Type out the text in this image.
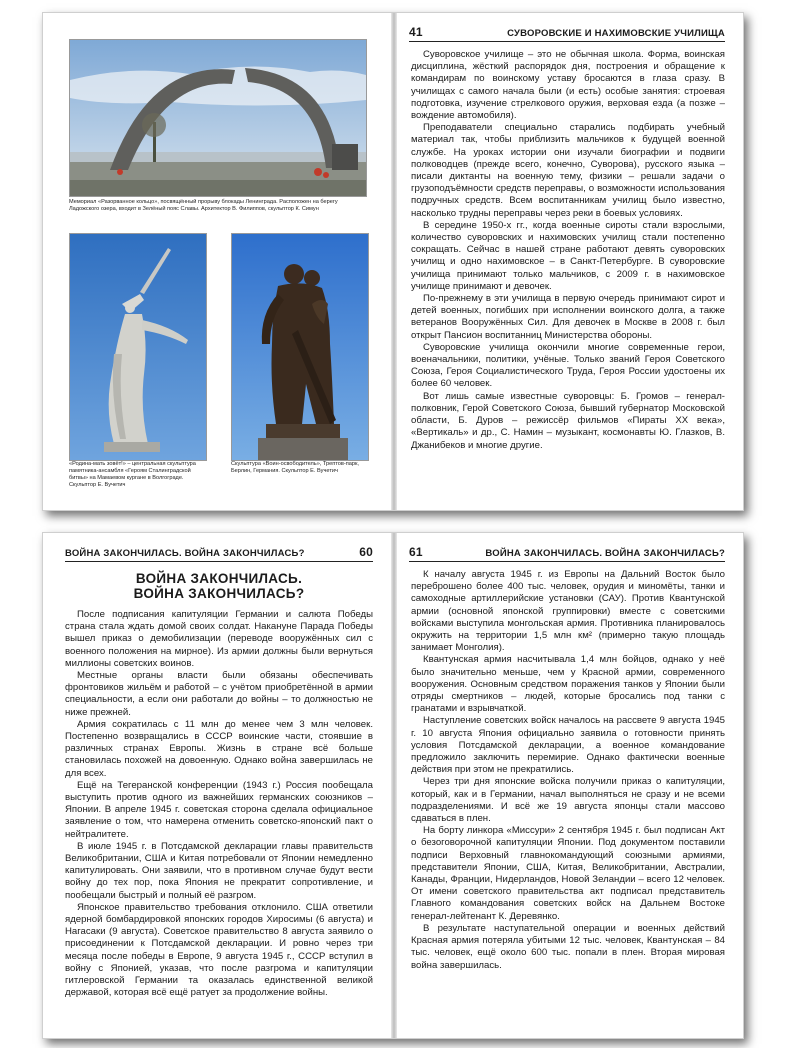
Мемориал «Разорванное кольцо», посвящённый прорыву блокады Ленинграда. Расположен на берегу Ладожского озера, входит в Зелёный пояс Славы. Архитектор В. Филиппов, скульптор К. Симун
«Родина-мать зовёт!» – центральная скульптура памятника-ансамбля «Героям Сталинградской битвы» на Мамаевом кургане в Волгограде. Скульптор Е. Вучетич
Скульптура «Воин-освободитель», Трептов-парк, Берлин, Германия. Скульптор Е. Вучетич
41	СУВОРОВСКИЕ И НАХИМОВСКИЕ УЧИЛИЩА

Суворовское училище – это не обычная школа. Форма, воинская дисциплина, жёсткий распорядок дня, построения и обращение к командирам по воинскому уставу бросаются в глаза сразу. В училищах с самого начала были (и есть) особые занятия: строевая подготовка, изучение стрелкового оружия, верховая езда (а позже – вождение автомобиля).

Преподаватели специально старались подбирать учебный материал так, чтобы приблизить мальчиков к будущей военной службе. На уроках истории они изучали биографии и подвиги полководцев (прежде всего, конечно, Суворова), русского языка – писали диктанты на военную тему, физики – решали задачи о грузоподъёмности средств переправы, о возможности использования подручных средств. Всем воспитанникам училищ было известно, насколько трудны переправы через реки в боевых условиях.

В середине 1950-х гг., когда военные сироты стали взрослыми, количество суворовских и нахимовских училищ стали постепенно сокращать. Сейчас в нашей стране работают девять суворовских училищ и одно нахимовское – в Санкт-Петербурге. В суворовские училища принимают только мальчиков, с 2009 г. в нахимовское училище принимают и девочек.

По-прежнему в эти училища в первую очередь принимают сирот и детей военных, погибших при исполнении воинского долга, а также ветеранов Вооружённых Сил. Для девочек в Москве в 2008 г. был открыт Пансион воспитанниц Министерства обороны.

Суворовские училища окончили многие современные герои, военачальники, политики, учёные. Только званий Героя Советского Союза, Героя Социалистического Труда, Героя России удостоены их более 60 человек.

Вот лишь самые известные суворовцы: Б. Громов – генерал-полковник, Герой Советского Союза, бывший губернатор Московской области, Б. Дуров – режиссёр фильмов «Пираты XX века», «Вертикаль» и др., С. Намин – музыкант, космонавты Ю. Глазков, В. Джанибеков и многие другие.

ВОЙНА ЗАКОНЧИЛАСЬ. ВОЙНА ЗАКОНЧИЛАСЬ?	60
ВОЙНА ЗАКОНЧИЛАСЬ.
ВОЙНА ЗАКОНЧИЛАСЬ?

После подписания капитуляции Германии и салюта Победы страна стала ждать домой своих солдат. Накануне Парада Победы вышел приказ о демобилизации (переводе вооружённых сил с военного положения на мирное). Из армии должны были вернуться миллионы советских воинов.

Местные органы власти были обязаны обеспечивать фронтовиков жильём и работой – с учётом приобретённой в армии специальности, а если они работали до войны – то должностью не ниже прежней.

Армия сократилась с 11 млн до менее чем 3 млн человек. Постепенно возвращались в СССР воинские части, стоявшие в различных странах Европы. Жизнь в стране всё больше становилась похожей на довоенную. Однако война завершилась не для всех.

Ещё на Тегеранской конференции (1943 г.) Россия пообещала выступить против одного из важнейших германских союзников – Японии. В апреле 1945 г. советская сторона сделала официальное заявление о том, что намерена отменить советско-японский пакт о нейтралитете.

В июле 1945 г. в Потсдамской декларации главы правительств Великобритании, США и Китая потребовали от Японии немедленно капитулировать. Они заявили, что в противном случае будут вести войну до тех пор, пока Япония не прекратит сопротивление, и пообещали быстрый и полный её разгром.

Японское правительство требования отклонило. США ответили ядерной бомбардировкой японских городов Хиросимы (6 августа) и Нагасаки (9 августа). Советское правительство 8 августа заявило о присоединении к Потсдамской декларации. И ровно через три месяца после победы в Европе, 9 августа 1945 г., СССР вступил в войну с Японией, указав, что после разгрома и капитуляции гитлеровской Германии та оказалась единственной великой державой, которая всё ещё ратует за продолжение войны.

61	ВОЙНА ЗАКОНЧИЛАСЬ. ВОЙНА ЗАКОНЧИЛАСЬ?

К началу августа 1945 г. из Европы на Дальний Восток было переброшено более 400 тыс. человек, орудия и миномёты, танки и самоходные артиллерийские установки (САУ). Против Квантунской армии (основной японской группировки) вместе с советскими войсками выступила монгольская армия. Противника планировалось окружить на территории 1,5 млн км² (примерно такую площадь занимает Монголия).

Квантунская армия насчитывала 1,4 млн бойцов, однако у неё было значительно меньше, чем у Красной армии, современного вооружения. Основным средством поражения танков у Японии были отряды смертников – людей, которые бросались под танки с гранатами и взрывчаткой.

Наступление советских войск началось на рассвете 9 августа 1945 г. 10 августа Япония официально заявила о готовности принять условия Потсдамской декларации, а военное командование предложило заключить перемирие. Однако фактически военные действия при этом не прекратились.

Через три дня японские войска получили приказ о капитуляции, который, как и в Германии, начал выполняться не сразу и не всеми подразделениями. И всё же 19 августа японцы стали массово сдаваться в плен.

На борту линкора «Миссури» 2 сентября 1945 г. был подписан Акт о безоговорочной капитуляции Японии. Под документом поставили подписи Верховный главнокомандующий союзными армиями, представители Японии, США, Китая, Великобритании, Австралии, Канады, Франции, Нидерландов, Новой Зеландии – всего 12 человек. От имени советского правительства акт подписал представитель Главного командования советских войск на Дальнем Востоке генерал-лейтенант К. Деревянко.

В результате наступательной операции и военных действий Красная армия потеряла убитыми 12 тыс. человек, Квантунская – 84 тыс. человек, ещё около 600 тыс. попали в плен. Вторая мировая война завершилась.
